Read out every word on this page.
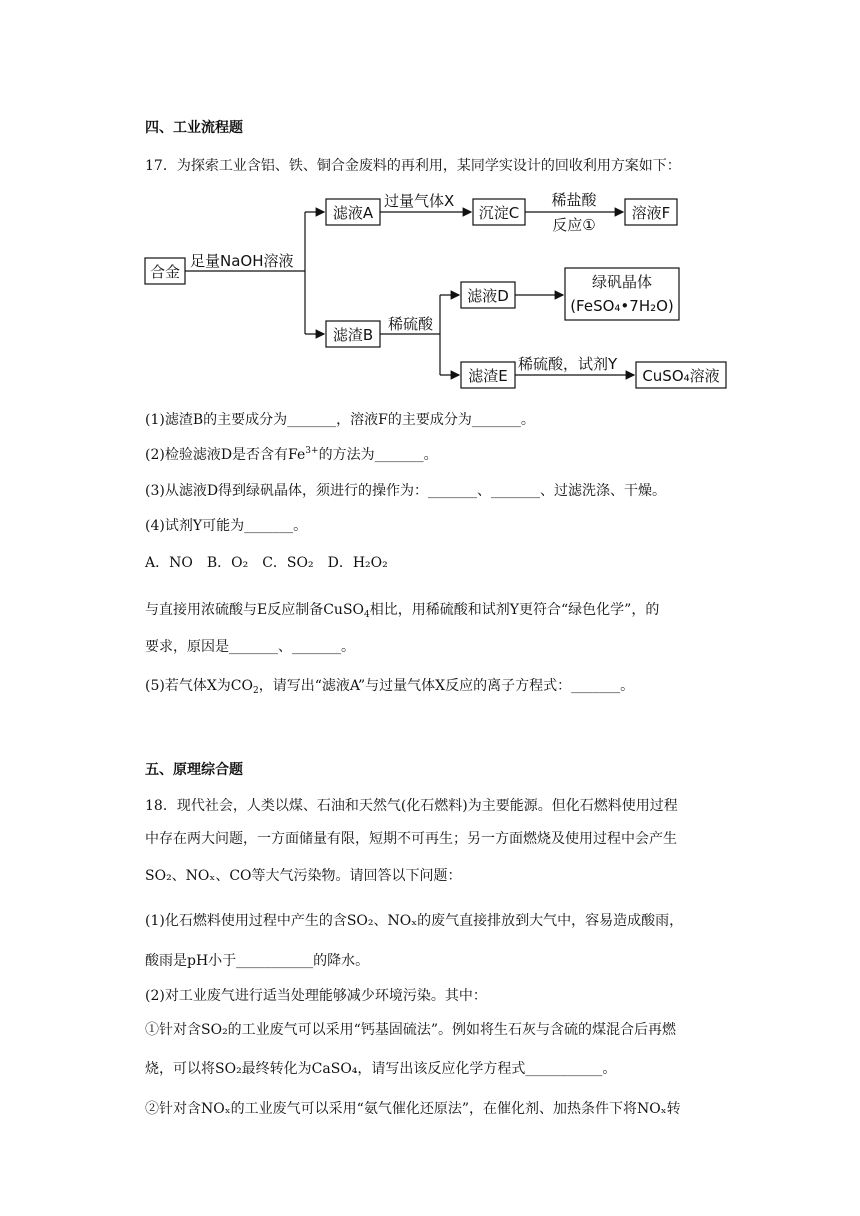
四、工业流程题
17．为探索工业含铝、铁、铜合金废料的再利用，某同学实设计的回收利用方案如下：
合金
足量NaOH溶液
滤液A
过量气体X
沉淀C
稀盐酸
反应①
溶液F
滤渣B
稀硫酸
滤液D
绿矾晶体
(FeSO₄•7H₂O)
滤渣E
稀硫酸，试剂Y
CuSO₄溶液
(1)滤渣B的主要成分为_______，溶液F的主要成分为_______。
(2)检验滤液D是否含有$Fe^{3+}$的方法为_______。
(3)从滤液D得到绿矾晶体，须进行的操作为：_______、_______、过滤洗涤、干燥。
(4)试剂Y可能为_______。
A．NO　B．O₂　C．SO₂　D．H₂O₂
与直接用浓硫酸与E反应制备CuSO$_4$相比，用稀硫酸和试剂Y更符合“绿色化学”，的
要求，原因是_______、_______。
(5)若气体X为$CO_2$，请写出“滤液A”与过量气体X反应的离子方程式：_______。
五、原理综合题
18．现代社会，人类以煤、石油和天然气(化石燃料)为主要能源。但化石燃料使用过程
中存在两大问题，一方面储量有限，短期不可再生；另一方面燃烧及使用过程中会产生
SO₂、NOₓ、CO等大气污染物。请回答以下问题：
(1)化石燃料使用过程中产生的含SO₂、NOₓ的废气直接排放到大气中，容易造成酸雨，
酸雨是pH小于___________的降水。
(2)对工业废气进行适当处理能够减少环境污染。其中：
①针对含SO₂的工业废气可以采用“钙基固硫法”。例如将生石灰与含硫的煤混合后再燃
烧，可以将SO₂最终转化为CaSO₄，请写出该反应化学方程式___________。
②针对含NOₓ的工业废气可以采用“氨气催化还原法”，在催化剂、加热条件下将NOₓ转
